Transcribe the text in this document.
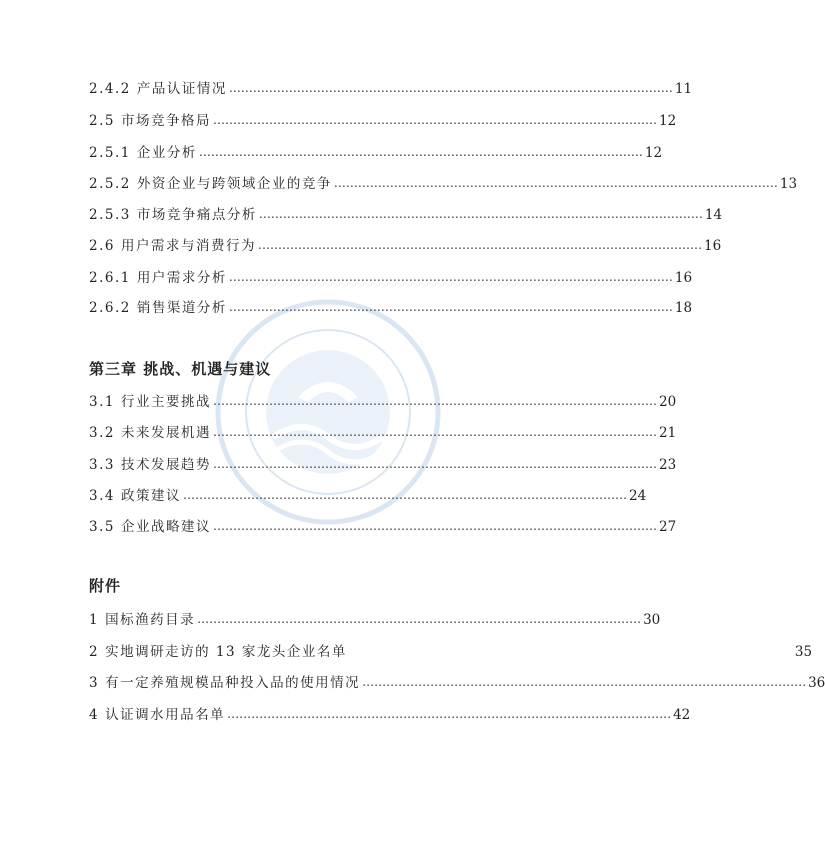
2.4.2 产品认证情况 ………………………………………………………………………………………………… 11
2.5 市场竞争格局 ………………………………………………………………………………………………… 12
2.5.1 企业分析 ………………………………………………………………………………………………… 12
2.5.2 外资企业与跨领域企业的竞争 ………………………………………………………………………………………………… 13
2.5.3 市场竞争痛点分析 ………………………………………………………………………………………………… 14
2.6 用户需求与消费行为 ………………………………………………………………………………………………… 16
2.6.1 用户需求分析 ………………………………………………………………………………………………… 16
2.6.2 销售渠道分析 ………………………………………………………………………………………………… 18
第三章 挑战、机遇与建议
3.1 行业主要挑战 ………………………………………………………………………………………………… 20
3.2 未来发展机遇 ………………………………………………………………………………………………… 21
3.3 技术发展趋势 ………………………………………………………………………………………………… 23
3.4 政策建议 ………………………………………………………………………………………………… 24
3.5 企业战略建议 ………………………………………………………………………………………………… 27
附件
1 国标渔药目录 ………………………………………………………………………………………………… 30
2 实地调研走访的 13 家龙头企业名单	35
3 有一定养殖规模品种投入品的使用情况 ………………………………………………………………………………………………… 36
4 认证调水用品名单 ………………………………………………………………………………………………… 42
